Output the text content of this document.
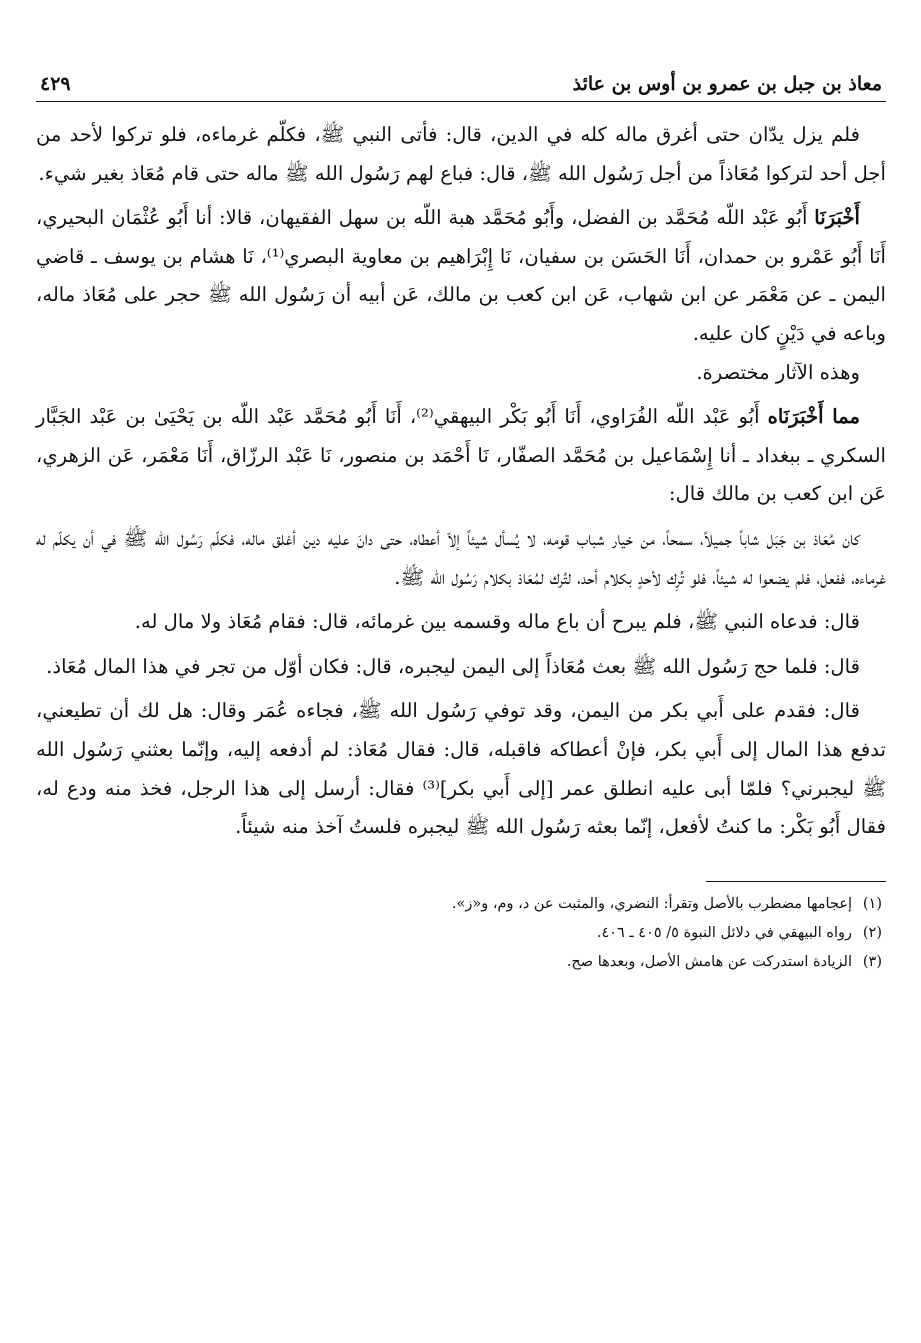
معاذ بن جبل بن عمرو بن أوس بن عائذ
٤٢٩

فلم يزل يدّان حتى أغرق ماله كله في الدين، قال: فأتى النبي ﷺ، فكلّم غرماءه، فلو تركوا لأحد من أجل أحد لتركوا مُعَاذاً من أجل رَسُول الله ﷺ، قال: فباع لهم رَسُول الله ﷺ ماله حتى قام مُعَاذ بغير شيء.

أَخْبَرَنَا أَبُو عَبْد اللّه مُحَمَّد بن الفضل، وأَبُو مُحَمَّد هبة اللّه بن سهل الفقيهان، قالا: أنا أَبُو عُثْمَان البحيري، أَنَا أَبُو عَمْرو بن حمدان، أَنَا الحَسَن بن سفيان، نَا إِبْرَاهيم بن معاوية البصري⁽¹⁾، نَا هشام بن يوسف ـ قاضي اليمن ـ عن مَعْمَر عن ابن شهاب، عَن ابن كعب بن مالك، عَن أبيه أن رَسُول الله ﷺ حجر على مُعَاذ ماله، وباعه في دَيْنٍ كان عليه.

وهذه الآثار مختصرة.

مما أَخْبَرَنَاه أَبُو عَبْد اللّه الفُرَاوي، أَنَا أَبُو بَكْر البيهقي⁽²⁾، أَنَا أَبُو مُحَمَّد عَبْد اللّه بن يَحْيَىٰ بن عَبْد الجَبَّار السكري ـ ببغداد ـ أنا إِسْمَاعيل بن مُحَمَّد الصفّار، نَا أَحْمَد بن منصور، نَا عَبْد الرزّاق، أَنَا مَعْمَر، عَن الزهري، عَن ابن كعب بن مالك قال:

كان مُعَاذ بن جَبَل شاباً جميلاً، سمحاً، من خيار شباب قومه، لا يُسأل شيئاً إلاّ أعطاه، حتى دانَ عليه دين أغلق ماله، فكلّم رَسُول الله ﷺ في أن يكلّم له غرماءه، ففعل، فلم يضعوا له شيئاً، فلو تُرِك لأحدٍ بكلام أحد، لتُرك لمُعَاذ بكلام رَسُول الله ﷺ.

قال: فدعاه النبي ﷺ، فلم يبرح أن باع ماله وقسمه بين غرمائه، قال: فقام مُعَاذ ولا مال له.

قال: فلما حج رَسُول الله ﷺ بعث مُعَاذاً إلى اليمن ليجبره، قال: فكان أوّل من تجر في هذا المال مُعَاذ.

قال: فقدم على أَبي بكر من اليمن، وقد توفي رَسُول الله ﷺ، فجاءه عُمَر وقال: هل لك أن تطيعني، تدفع هذا المال إلى أَبي بكر، فإنْ أعطاكه فاقبله، قال: فقال مُعَاذ: لم أدفعه إليه، وإنّما بعثني رَسُول الله ﷺ ليجبرني؟ فلمّا أبى عليه انطلق عمر [إلى أَبي بكر]⁽³⁾ فقال: أرسل إلى هذا الرجل، فخذ منه ودع له، فقال أَبُو بَكْر: ما كنتُ لأفعل، إنّما بعثه رَسُول الله ﷺ ليجبره فلستُ آخذ منه شيئاً.

(١)
إعجامها مضطرب بالأصل وتقرأ: النضري، والمثبت عن د، وم، و«ز».
(٢)
رواه البيهقي في دلائل النبوة ٥/ ٤٠٥ ـ ٤٠٦.
(٣)
الزيادة استدركت عن هامش الأصل، وبعدها صح.
